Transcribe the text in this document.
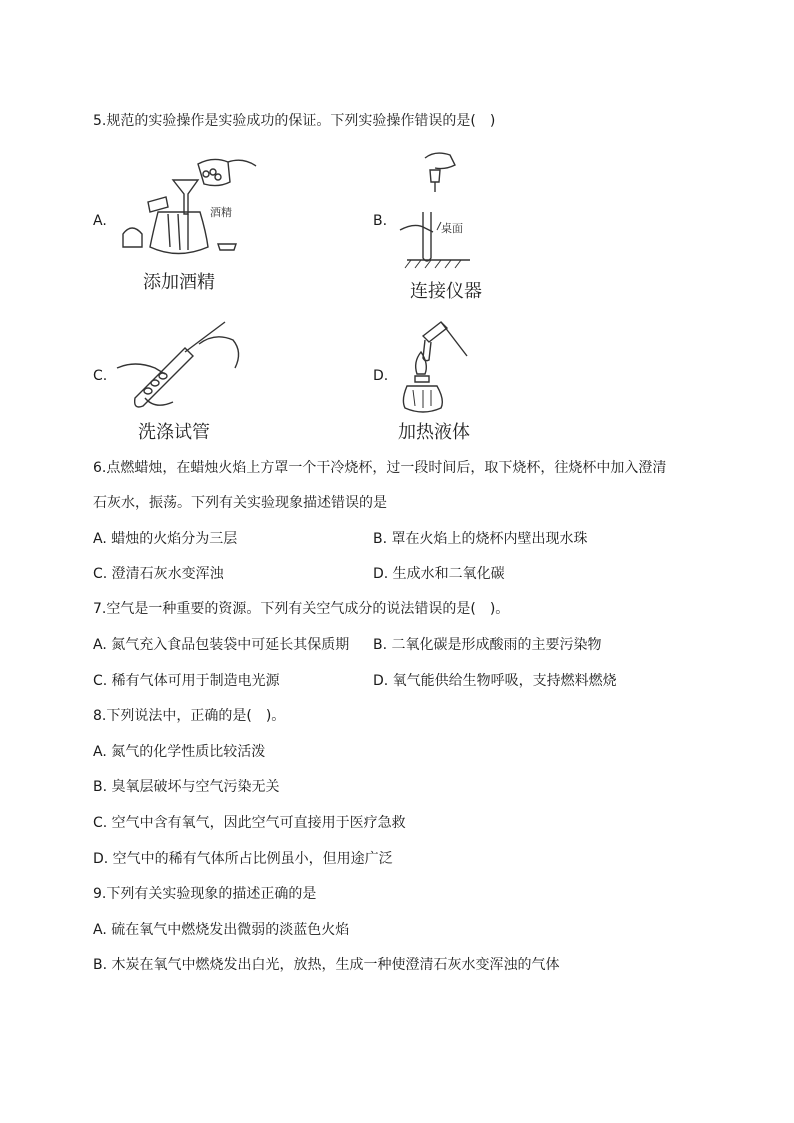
5.规范的实验操作是实验成功的保证。下列实验操作错误的是(　)
A.
酒精
添加酒精
B.	桌面
连接仪器
C.
洗涤试管
D.
加热液体
6.点燃蜡烛，在蜡烛火焰上方罩一个干冷烧杯，过一段时间后，取下烧杯，往烧杯中加入澄清
石灰水，振荡。下列有关实验现象描述错误的是
A. 蜡烛的火焰分为三层	B. 罩在火焰上的烧杯内壁出现水珠
C. 澄清石灰水变浑浊	D. 生成水和二氧化碳
7.空气是一种重要的资源。下列有关空气成分的说法错误的是(　)。
A. 氮气充入食品包装袋中可延长其保质期 B. 二氧化碳是形成酸雨的主要污染物
C. 稀有气体可用于制造电光源	D. 氧气能供给生物呼吸，支持燃料燃烧
8.下列说法中，正确的是(　)。
A. 氮气的化学性质比较活泼
B. 臭氧层破坏与空气污染无关
C. 空气中含有氧气，因此空气可直接用于医疗急救
D. 空气中的稀有气体所占比例虽小，但用途广泛
9.下列有关实验现象的描述正确的是
A. 硫在氧气中燃烧发出微弱的淡蓝色火焰
B. 木炭在氧气中燃烧发出白光，放热，生成一种使澄清石灰水变浑浊的气体
